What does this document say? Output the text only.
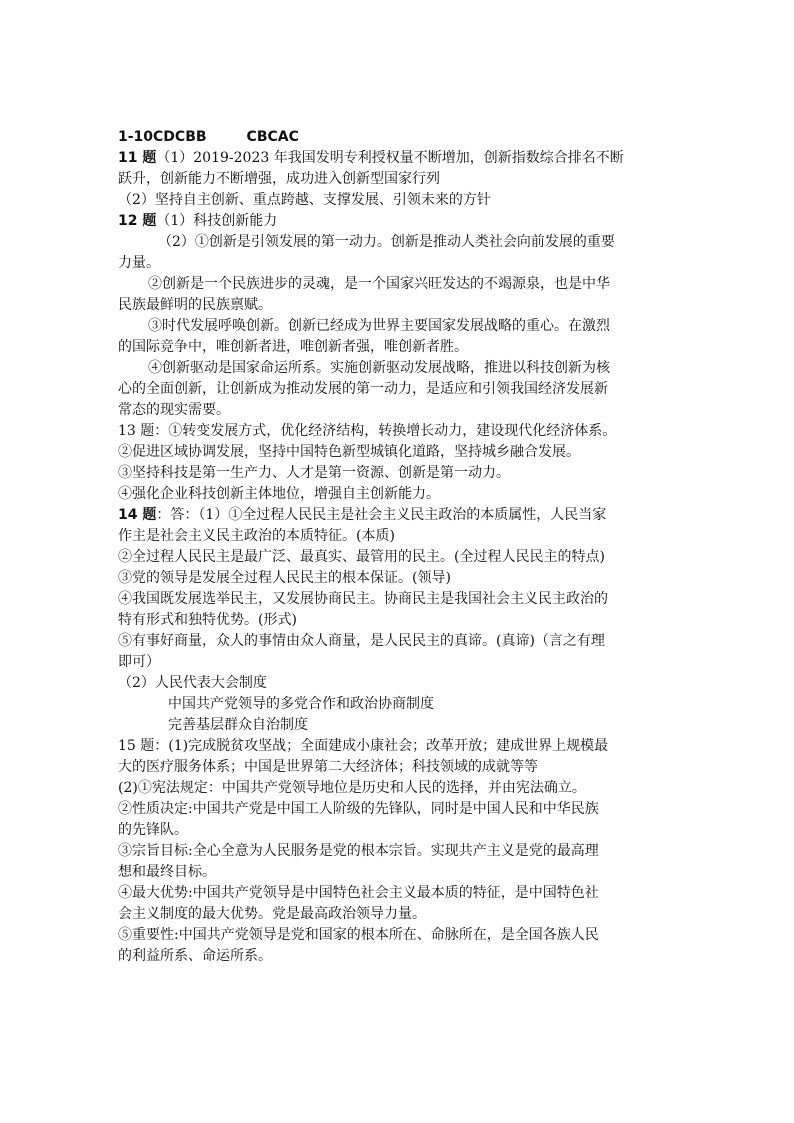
1-10CDCBB	CBCAC

11 题（1）2019-2023 年我国发明专利授权量不断增加，创新指数综合排名不断

跃升，创新能力不断增强，成功进入创新型国家行列

（2）坚持自主创新、重点跨越、支撑发展、引领未来的方针

12 题（1）科技创新能力

（2）①创新是引领发展的第一动力。创新是推动人类社会向前发展的重要

力量。

②创新是一个民族进步的灵魂，是一个国家兴旺发达的不竭源泉，也是中华

民族最鲜明的民族禀赋。

③时代发展呼唤创新。创新已经成为世界主要国家发展战略的重心。在激烈

的国际竞争中，唯创新者进，唯创新者强，唯创新者胜。

④创新驱动是国家命运所系。实施创新驱动发展战略，推进以科技创新为核

心的全面创新，让创新成为推动发展的第一动力，是适应和引领我国经济发展新

常态的现实需要。

13 题：①转变发展方式，优化经济结构，转换增长动力，建设现代化经济体系。

②促进区域协调发展，坚持中国特色新型城镇化道路，坚持城乡融合发展。

③坚持科技是第一生产力、人才是第一资源、创新是第一动力。

④强化企业科技创新主体地位，增强自主创新能力。

14 题：答：（1）①全过程人民民主是社会主义民主政治的本质属性，人民当家

作主是社会主义民主政治的本质特征。(本质)

②全过程人民民主是最广泛、最真实、最管用的民主。(全过程人民民主的特点)

③党的领导是发展全过程人民民主的根本保证。(领导)

④我国既发展选举民主，又发展协商民主。协商民主是我国社会主义民主政治的

特有形式和独特优势。(形式)

⑤有事好商量，众人的事情由众人商量，是人民民主的真谛。(真谛)（言之有理

即可）

（2）人民代表大会制度

中国共产党领导的多党合作和政治协商制度

完善基层群众自治制度

15 题：(1)完成脱贫攻坚战；全面建成小康社会；改革开放；建成世界上规模最

大的医疗服务体系；中国是世界第二大经济体；科技领域的成就等等

(2)①宪法规定：中国共产党领导地位是历史和人民的选择，并由宪法确立。

②性质决定:中国共产党是中国工人阶级的先锋队，同时是中国人民和中华民族

的先锋队。

③宗旨目标:全心全意为人民服务是党的根本宗旨。实现共产主义是党的最高理

想和最终目标。

④最大优势:中国共产党领导是中国特色社会主义最本质的特征，是中国特色社

会主义制度的最大优势。党是最高政治领导力量。

⑤重要性:中国共产党领导是党和国家的根本所在、命脉所在，是全国各族人民

的利益所系、命运所系。
